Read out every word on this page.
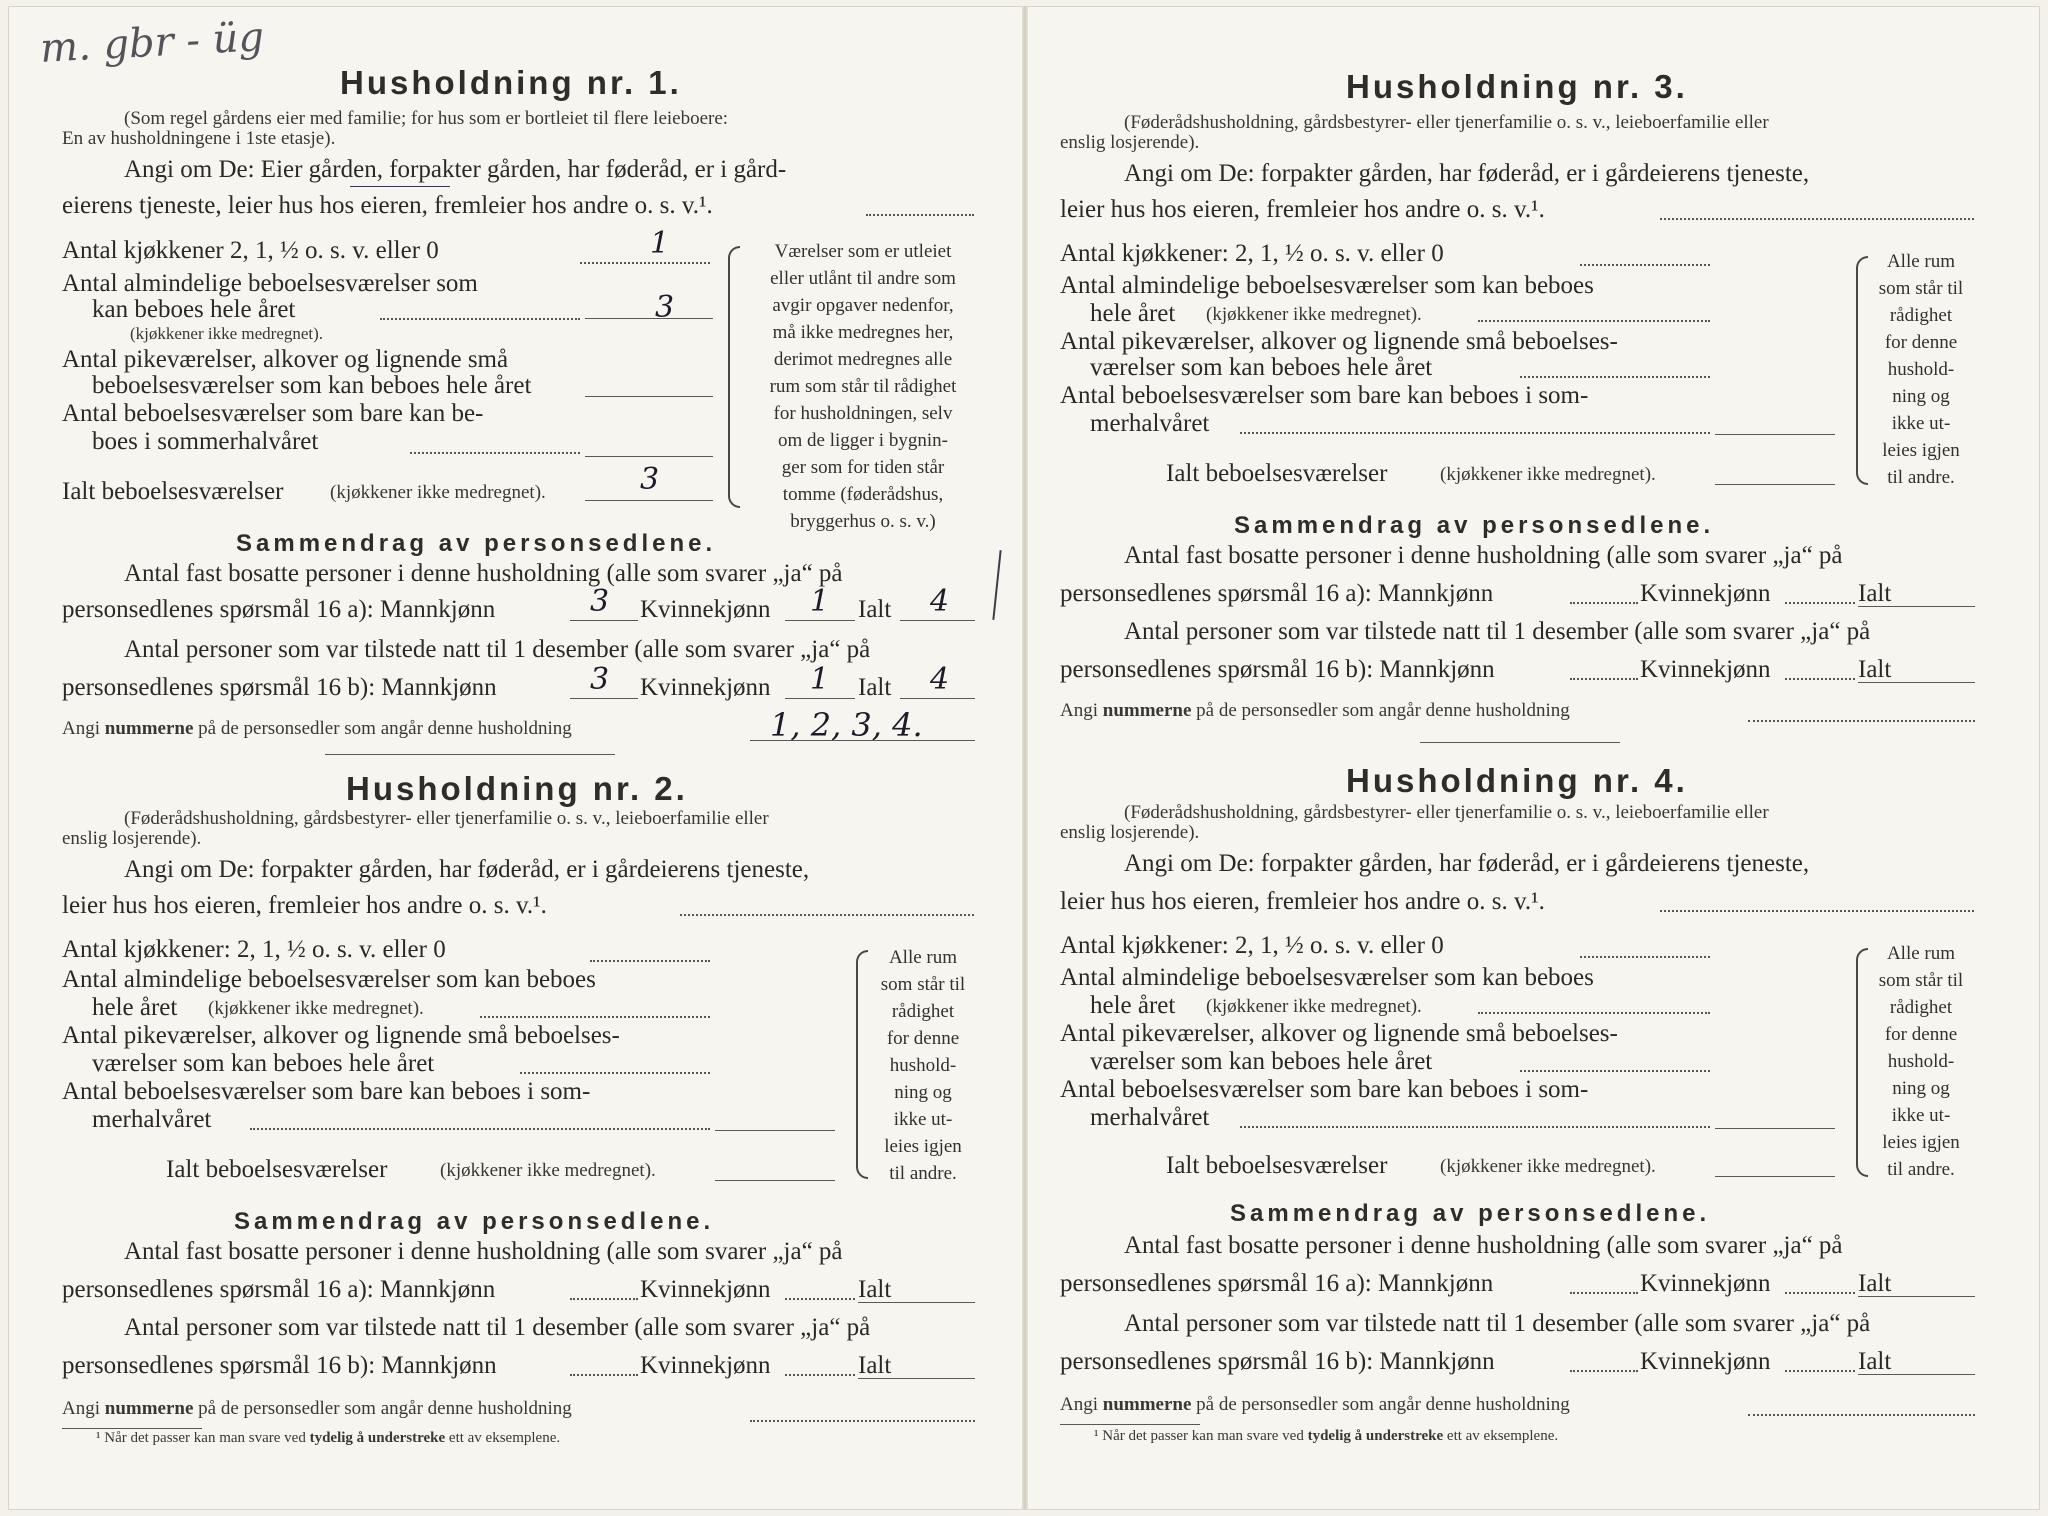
m. gbr - üg
Husholdning nr. 1.
(Som regel gårdens eier med familie; for hus som er bortleiet til flere leieboere:
En av husholdningene i 1ste etasje).
Angi om De: Eier gården, forpakter gården, har føderåd, er i gård-
eierens tjeneste, leier hus hos eieren, fremleier hos andre o. s. v.¹.
Antal kjøkkener 2, 1, ½ o. s. v. eller 0	1
Antal almindelige beboelsesværelser som
kan beboes hele året	3
(kjøkkener ikke medregnet).
Antal pikeværelser, alkover og lignende små
beboelsesværelser som kan beboes hele året
Antal beboelsesværelser som bare kan be-
boes i sommerhalvåret
Ialt beboelsesværelser (kjøkkener ikke medregnet).	3
Værelser som er utleiet
eller utlånt til andre som
avgir opgaver nedenfor,
må ikke medregnes her,
derimot medregnes alle
rum som står til rådighet
for husholdningen, selv
om de ligger i bygnin-
ger som for tiden står
tomme (føderådshus,
bryggerhus o. s. v.)
Sammendrag av personsedlene.
Antal fast bosatte personer i denne husholdning (alle som svarer „ja“ på
personsedlenes spørsmål 16 a): Mannkjønn	3 Kvinnekjønn 1 Ialt 4
Antal personer som var tilstede natt til 1 desember (alle som svarer „ja“ på
personsedlenes spørsmål 16 b): Mannkjønn	3 Kvinnekjønn 1 Ialt 4
Angi nummerne på de personsedler som angår denne husholdning	1, 2, 3, 4.
Husholdning nr. 2.
(Føderådshusholdning, gårdsbestyrer- eller tjenerfamilie o. s. v., leieboerfamilie eller
enslig losjerende).
Angi om De: forpakter gården, har føderåd, er i gårdeierens tjeneste,
leier hus hos eieren, fremleier hos andre o. s. v.¹.
Antal kjøkkener: 2, 1, ½ o. s. v. eller 0
Antal almindelige beboelsesværelser som kan beboes
hele året (kjøkkener ikke medregnet).
Antal pikeværelser, alkover og lignende små beboelses-
værelser som kan beboes hele året
Antal beboelsesværelser som bare kan beboes i som-
merhalvåret
Ialt beboelsesværelser	(kjøkkener ikke medregnet).
Alle rum
som står til
rådighet
for denne
hushold-
ning og
ikke ut-
leies igjen
til andre.
Sammendrag av personsedlene.
Antal fast bosatte personer i denne husholdning (alle som svarer „ja“ på
personsedlenes spørsmål 16 a): Mannkjønn	Kvinnekjønn	Ialt
Antal personer som var tilstede natt til 1 desember (alle som svarer „ja“ på
personsedlenes spørsmål 16 b): Mannkjønn	Kvinnekjønn	Ialt
Angi nummerne på de personsedler som angår denne husholdning
¹ Når det passer kan man svare ved tydelig å understreke ett av eksemplene.
Husholdning nr. 3.
(Føderådshusholdning, gårdsbestyrer- eller tjenerfamilie o. s. v., leieboerfamilie eller
enslig losjerende).
Angi om De: forpakter gården, har føderåd, er i gårdeierens tjeneste,
leier hus hos eieren, fremleier hos andre o. s. v.¹.
Antal kjøkkener: 2, 1, ½ o. s. v. eller 0
Antal almindelige beboelsesværelser som kan beboes
hele året (kjøkkener ikke medregnet).
Antal pikeværelser, alkover og lignende små beboelses-
værelser som kan beboes hele året
Antal beboelsesværelser som bare kan beboes i som-
merhalvåret
Ialt beboelsesværelser	(kjøkkener ikke medregnet).
Alle rum
som står til
rådighet
for denne
hushold-
ning og
ikke ut-
leies igjen
til andre.
Sammendrag av personsedlene.
Antal fast bosatte personer i denne husholdning (alle som svarer „ja“ på
personsedlenes spørsmål 16 a): Mannkjønn	Kvinnekjønn	Ialt
Antal personer som var tilstede natt til 1 desember (alle som svarer „ja“ på
personsedlenes spørsmål 16 b): Mannkjønn	Kvinnekjønn	Ialt
Angi nummerne på de personsedler som angår denne husholdning
Husholdning nr. 4.
(Føderådshusholdning, gårdsbestyrer- eller tjenerfamilie o. s. v., leieboerfamilie eller
enslig losjerende).
Angi om De: forpakter gården, har føderåd, er i gårdeierens tjeneste,
leier hus hos eieren, fremleier hos andre o. s. v.¹.
Antal kjøkkener: 2, 1, ½ o. s. v. eller 0
Antal almindelige beboelsesværelser som kan beboes
hele året (kjøkkener ikke medregnet).
Antal pikeværelser, alkover og lignende små beboelses-
værelser som kan beboes hele året
Antal beboelsesværelser som bare kan beboes i som-
merhalvåret
Ialt beboelsesværelser	(kjøkkener ikke medregnet).
Alle rum
som står til
rådighet
for denne
hushold-
ning og
ikke ut-
leies igjen
til andre.
Sammendrag av personsedlene.
Antal fast bosatte personer i denne husholdning (alle som svarer „ja“ på
personsedlenes spørsmål 16 a): Mannkjønn	Kvinnekjønn	Ialt
Antal personer som var tilstede natt til 1 desember (alle som svarer „ja“ på
personsedlenes spørsmål 16 b): Mannkjønn	Kvinnekjønn	Ialt
Angi nummerne på de personsedler som angår denne husholdning
¹ Når det passer kan man svare ved tydelig å understreke ett av eksemplene.
